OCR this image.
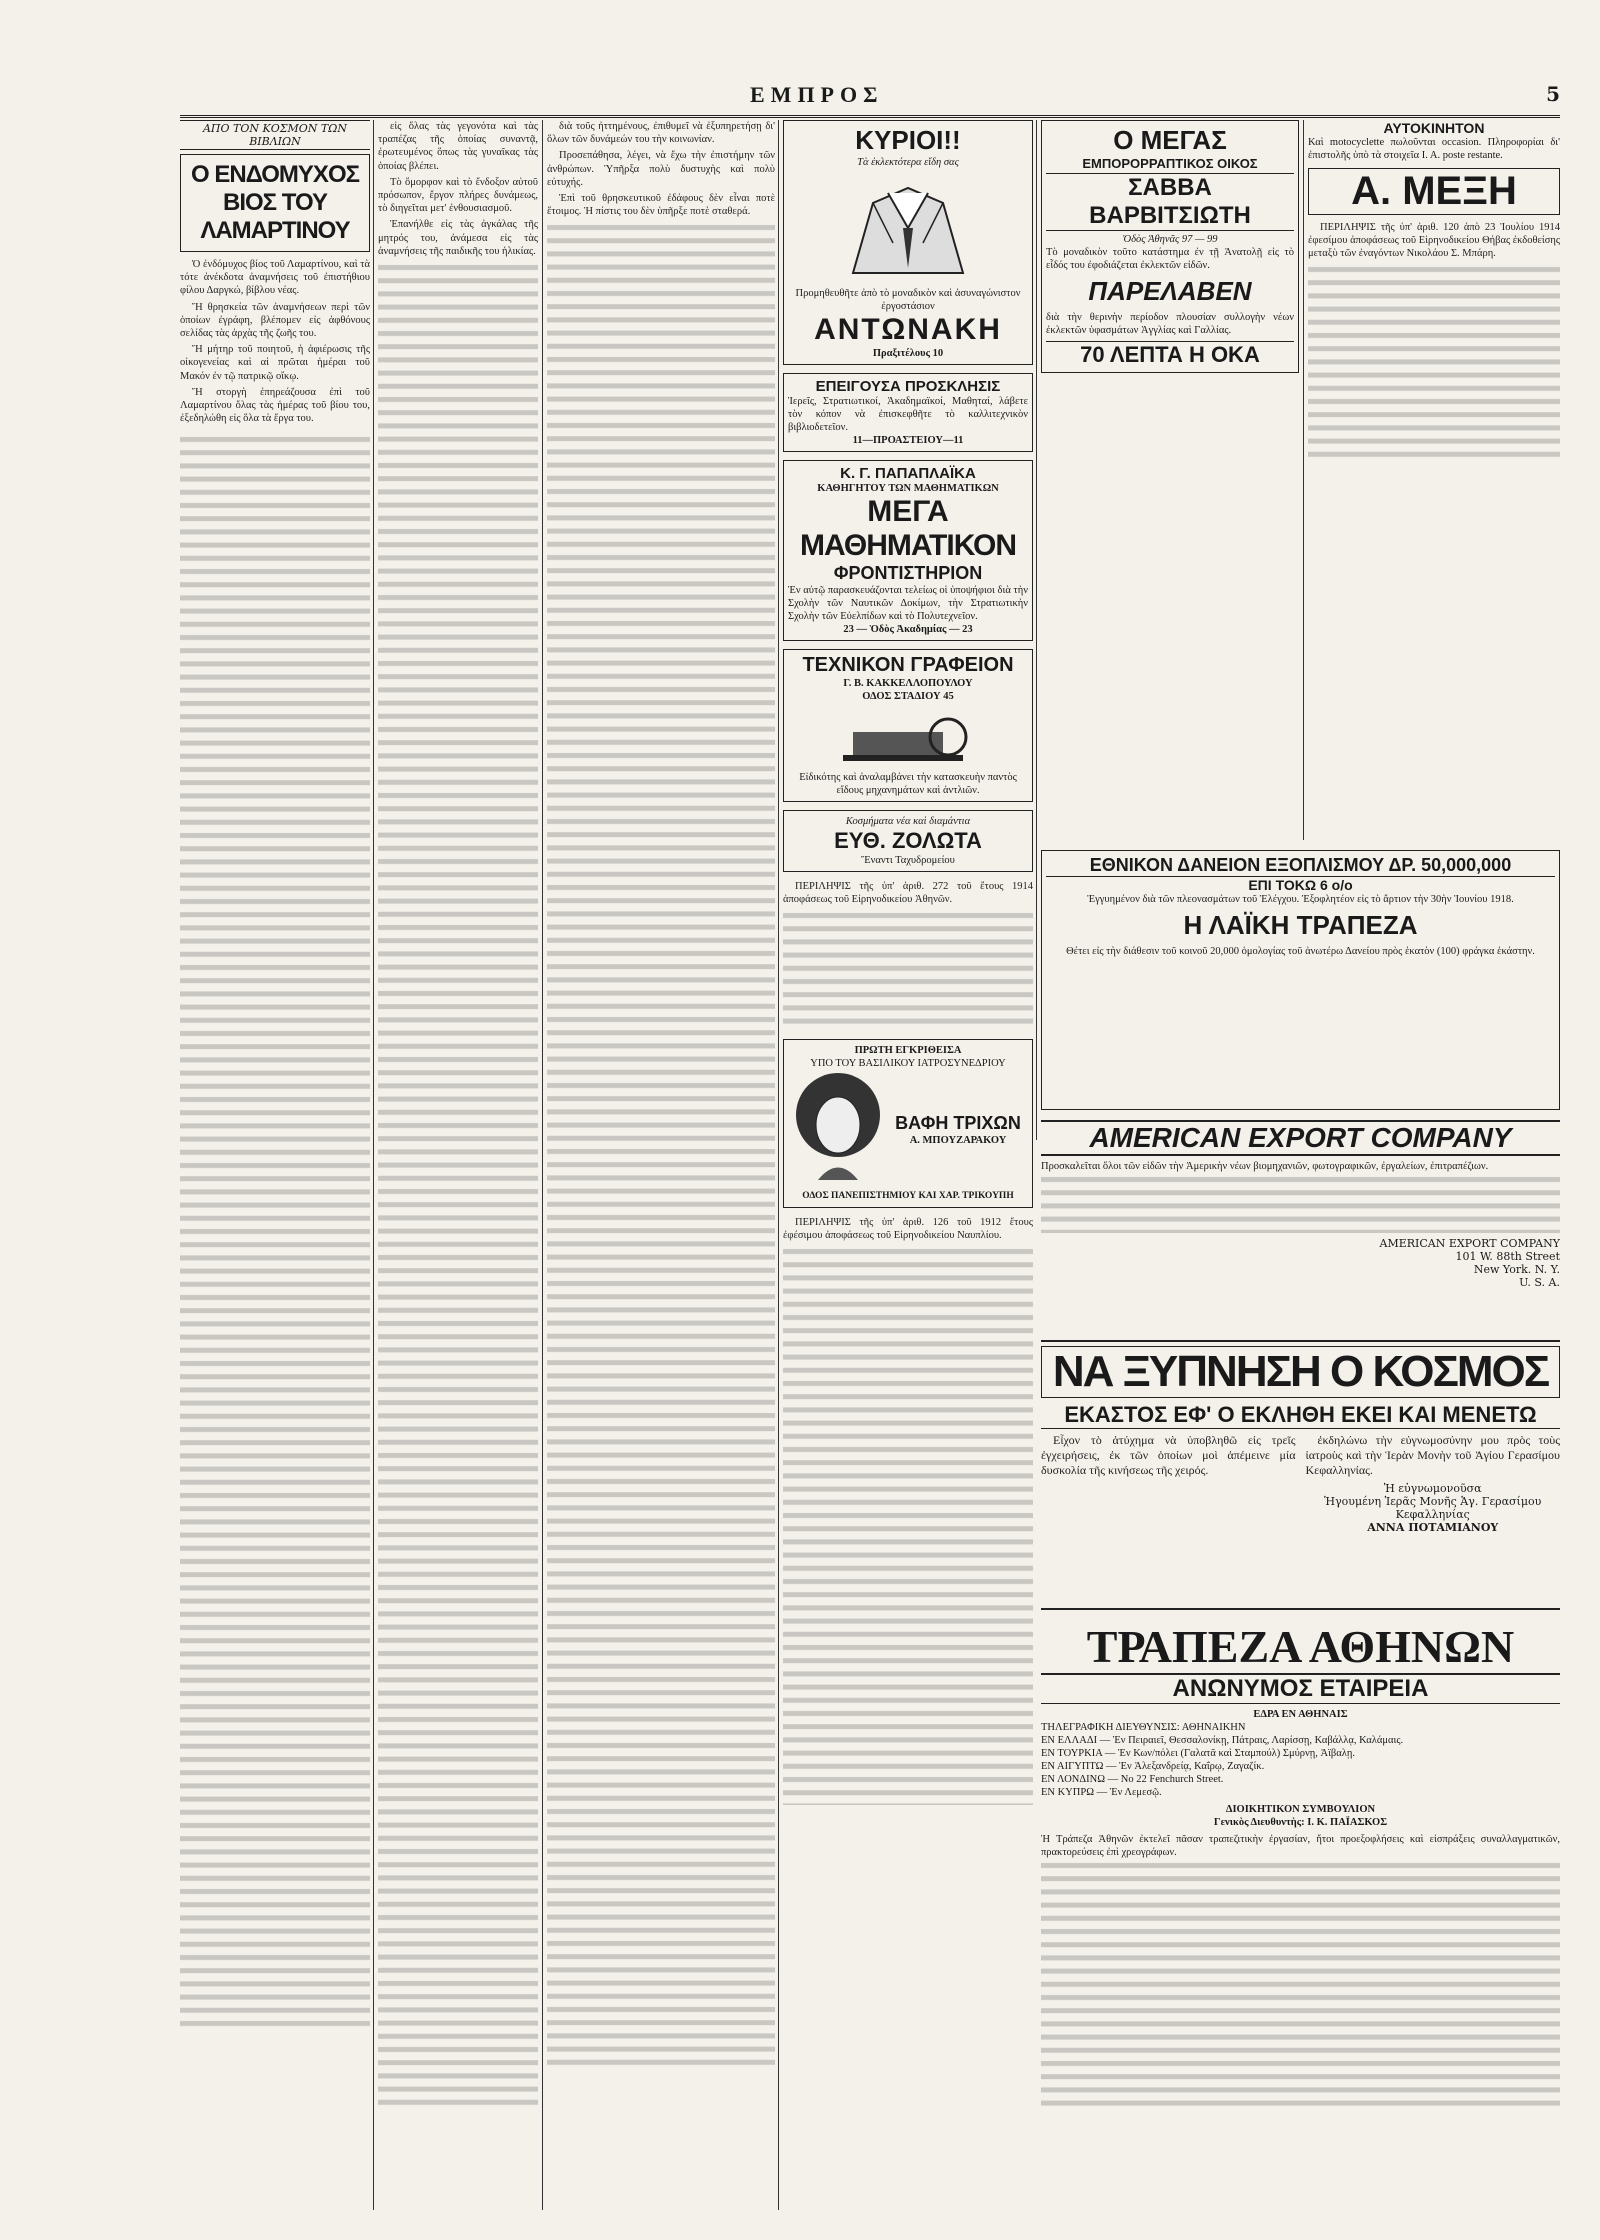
ΕΜΠΡΟΣ	5
ΑΠΟ ΤΟΝ ΚΟΣΜΟΝ ΤΩΝ ΒΙΒΛΙΩΝ
Ο ΕΝΔΟΜΥΧΟΣ ΒΙΟΣ ΤΟΥ ΛΑΜΑΡΤΙΝΟΥ

Ὁ ἐνδόμυχος βίος τοῦ Λαμαρτίνου, καὶ τὰ τότε ἀνέκδοτα ἀναμνήσεις τοῦ ἐπιστήθιου φίλου Δαργκώ, βίβλου νέας.

Ἤ θρησκεία τῶν ἀναμνήσεων περὶ τῶν ὁποίων ἐγράφη, βλέπομεν εἰς ἀφθόνους σελίδας τὰς ἀρχὰς τῆς ζωῆς του.

Ἤ μήτηρ τοῦ ποιητοῦ, ἡ ἀφιέρωσις τῆς οἰκογενείας καὶ αἱ πρῶται ἡμέραι τοῦ Μακόν ἐν τῷ πατρικῷ οἴκῳ.

Ἤ στοργὴ ἐπηρεάζουσα ἐπὶ τοῦ Λαμαρτίνου ὅλας τὰς ἡμέρας τοῦ βίου του, ἐξεδηλώθη εἰς ὅλα τὰ ἔργα του.

εἰς ὅλας τὰς γεγονότα καὶ τὰς τραπέζας τῆς ὁποίας συναντᾷ, ἐρωτευμένος ὅπως τὰς γυναῖκας τὰς ὁποίας βλέπει.

Τὸ ὄμορφον καὶ τὸ ἔνδοξον αὐτοῦ πρόσωπον, ἔργον πλήρες δυνάμεως, τὸ διηγεῖται μετ' ἐνθουσιασμοῦ.

Ἐπανήλθε εἰς τὰς ἀγκάλας τῆς μητρός του, ἀνάμεσα εἰς τὰς ἀναμνήσεις τῆς παιδικῆς του ἡλικίας.

διὰ τοῦς ἠττημένους, ἐπιθυμεῖ νὰ ἐξυπηρετήσῃ δι' ὅλων τῶν δυνάμεών του τὴν κοινωνίαν.

Προσεπάθησα, λέγει, νὰ ἔχω τὴν ἐπιστήμην τῶν ἀνθρώπων. Ὑπῆρξα πολὺ δυστυχὴς καὶ πολὺ εὐτυχής.

Ἐπὶ τοῦ θρησκευτικοῦ ἐδάφους δὲν εἶναι ποτὲ ἕτοιμος. Ἡ πίστις του δὲν ὑπῆρξε ποτὲ σταθερά.

ΚΥΡΙΟΙ!!
Τὰ ἐκλεκτότερα εἴδη σας
Προμηθευθῆτε ἀπὸ τὸ μοναδικὸν καὶ ἀσυναγώνιστον ἐργοστάσιον
ΑΝΤΩΝΑΚΗ
Πραξιτέλους 10
ΕΠΕΙΓΟΥΣΑ ΠΡΟΣΚΛΗΣΙΣ
Ἱερεῖς, Στρατιωτικοί, Ἀκαδημαϊκοί, Μαθηταί, λάβετε τὸν κόπον νὰ ἐπισκεφθῆτε τὸ καλλιτεχνικὸν βιβλιοδετεῖον.
11—ΠΡΟΑΣΤΕΙΟΥ—11
Κ. Γ. ΠΑΠΑΠΛΑΪΚΑ
ΚΑΘΗΓΗΤΟΥ ΤΩΝ ΜΑΘΗΜΑΤΙΚΩΝ
ΜΕΓΑ
ΜΑΘΗΜΑΤΙΚΟΝ
ΦΡΟΝΤΙΣΤΗΡΙΟΝ
Ἐν αὐτῷ παρασκευάζονται τελείως οἱ ὑποψήφιοι διὰ τὴν Σχολὴν τῶν Ναυτικῶν Δοκίμων, τὴν Στρατιωτικὴν Σχολὴν τῶν Εὐελπίδων καὶ τὸ Πολυτεχνεῖον.
23 — Ὁδὸς Ἀκαδημίας — 23
ΤΕΧΝΙΚΟΝ ΓΡΑΦΕΙΟΝ
Γ. Β. ΚΑΚΚΕΛΛΟΠΟΥΛΟΥ
ΟΔΟΣ ΣΤΑΔΙΟΥ 45
Εἰδικότης καὶ ἀναλαμβάνει τὴν κατασκευὴν παντὸς εἴδους μηχανημάτων καὶ ἀντλιῶν.
Κοσμήματα νέα καὶ διαμάντια
ΕΥΘ. ΖΟΛΩΤΑ
Ἔναντι Ταχυδρομείου

ΠΕΡΙΛΗΨΙΣ τῆς ὑπ' ἀριθ. 272 τοῦ ἔτους 1914 ἀποφάσεως τοῦ Εἰρηνοδικείου Ἀθηνῶν.

ΠΡΩΤΗ ΕΓΚΡΙΘΕΙΣΑ
ΥΠΟ ΤΟΥ ΒΑΣΙΛΙΚΟΥ ΙΑΤΡΟΣΥΝΕΔΡΙΟΥ
ΒΑΦΗ ΤΡΙΧΩΝ
Α. ΜΠΟΥΖΑΡΑΚΟΥ
ΟΔΟΣ ΠΑΝΕΠΙΣΤΗΜΙΟΥ ΚΑΙ ΧΑΡ. ΤΡΙΚΟΥΠΗ

ΠΕΡΙΛΗΨΙΣ τῆς ὑπ' ἀριθ. 126 τοῦ 1912 ἔτους ἐφέσιμου ἀποφάσεως τοῦ Εἰρηνοδικείου Ναυπλίου.

Ο ΜΕΓΑΣ
ΕΜΠΟΡΟΡΡΑΠΤΙΚΟΣ ΟΙΚΟΣ
ΣΑΒΒΑ ΒΑΡΒΙΤΣΙΩΤΗ
Ὁδὸς Ἀθηνᾶς 97 — 99
Τὸ μοναδικὸν τοῦτο κατάστημα ἐν τῇ Ἀνατολῇ εἰς τὸ εἶδός του ἐφοδιάζεται ἐκλεκτῶν εἰδῶν.
ΠΑΡΕΛΑΒΕΝ
διὰ τὴν θερινὴν περίοδον πλουσίαν συλλογὴν νέων ἐκλεκτῶν ὑφασμάτων Ἀγγλίας καὶ Γαλλίας.
70 ΛΕΠΤΑ Η ΟΚΑ
ΑΥΤΟΚΙΝΗΤΟΝ
Καὶ motocyclette πωλοῦνται occasion. Πληροφορίαι δι' ἐπιστολῆς ὑπὸ τὰ στοιχεῖα Ι. Α. poste restante.
Α. ΜΕΞΗ

ΠΕΡΙΛΗΨΙΣ τῆς ὑπ' ἀριθ. 120 ἀπὸ 23 Ἰουλίου 1914 ἐφεσίμου ἀποφάσεως τοῦ Εἰρηνοδικείου Θήβας ἐκδοθείσης μεταξὺ τῶν ἐναγόντων Νικολάου Σ. Μπάρη.

ΕΘΝΙΚΟΝ ΔΑΝΕΙΟΝ ΕΞΟΠΛΙΣΜΟΥ ΔΡ. 50,000,000
ΕΠΙ ΤΟΚΩ 6 ο/ο
Ἐγγυημένον διὰ τῶν πλεονασμάτων τοῦ Ἐλέγχου. Ἐξοφλητέον εἰς τὸ ἄρτιον τὴν 30ὴν Ἰουνίου 1918.
Η ΛΑΪΚΗ ΤΡΑΠΕΖΑ
Θέτει εἰς τὴν διάθεσιν τοῦ κοινοῦ 20,000 ὁμολογίας τοῦ ἀνωτέρω Δανείου πρὸς ἑκατὸν (100) φράγκα ἑκάστην.
AMERICAN EXPORT COMPANY
Προσκαλεῖται ὅλοι τῶν εἰδῶν τὴν Ἀμερικὴν νέων βιομηχανιῶν, φωτογραφικῶν, ἐργαλείων, ἐπιτραπέζιων.
AMERICAN EXPORT COMPANY
101 W. 88th Street
New York. N. Y.
U. S. A.
ΝΑ ΞΥΠΝΗΣΗ Ο ΚΟΣΜΟΣ
ΕΚΑΣΤΟΣ ΕΦ' Ο ΕΚΛΗΘΗ ΕΚΕΙ ΚΑΙ ΜΕΝΕΤΩ

Εἶχον τὸ ἀτύχημα νὰ ὑποβληθῶ εἰς τρεῖς ἐγχειρήσεις, ἐκ τῶν ὁποίων μοὶ ἀπέμεινε μία δυσκολία τῆς κινήσεως τῆς χειρός.

ἐκδηλώνω τὴν εὐγνωμοσύνην μου πρὸς τοὺς ἰατροὺς καὶ τὴν Ἱερὰν Μονὴν τοῦ Ἁγίου Γερασίμου Κεφαλληνίας.

Ἡ εὐγνωμονοῦσα
Ἡγουμένη Ἱερᾶς Μονῆς Ἁγ. Γερασίμου
Κεφαλληνίας
ΑΝΝΑ ΠΟΤΑΜΙΑΝΟΥ
ΤΡΑΠΕΖΑ ΑΘΗΝΩΝ
ΑΝΩΝΥΜΟΣ ΕΤΑΙΡΕΙΑ
ΕΔΡΑ ΕΝ ΑΘΗΝΑΙΣ
ΤΗΛΕΓΡΑΦΙΚΗ ΔΙΕΥΘΥΝΣΙΣ: ΑΘΗΝΑΙΚΗΝ
ΕΝ ΕΛΛΑΔΙ — Ἐν Πειραιεῖ, Θεσσαλονίκῃ, Πάτραις, Λαρίσσῃ, Καβάλλᾳ, Καλάμαις.
ΕΝ ΤΟΥΡΚΙΑ — Ἐν Κων/πόλει (Γαλατᾶ καὶ Σταμπούλ) Σμύρνῃ, Ἀϊβαλῃ.
ΕΝ ΑΙΓΥΠΤΩ — Ἐν Ἀλεξανδρείᾳ, Καΐρῳ, Ζαγαζίκ.
ΕΝ ΛΟΝΔΙΝΩ — No 22 Fenchurch Street.
ΕΝ ΚΥΠΡΩ — Ἐν Λεμεσῷ.
ΔΙΟΙΚΗΤΙΚΟΝ ΣΥΜΒΟΥΛΙΟΝ
Γενικὸς Διευθυντὴς: Ι. Κ. ΠΑΪΑΣΚΟΣ
Ἡ Τράπεζα Ἀθηνῶν ἐκτελεῖ πᾶσαν τραπεζιτικὴν ἐργασίαν, ἤτοι προεξοφλήσεις καὶ εἰσπράξεις συναλλαγματικῶν, πρακτορεύσεις ἐπὶ χρεογράφων.
